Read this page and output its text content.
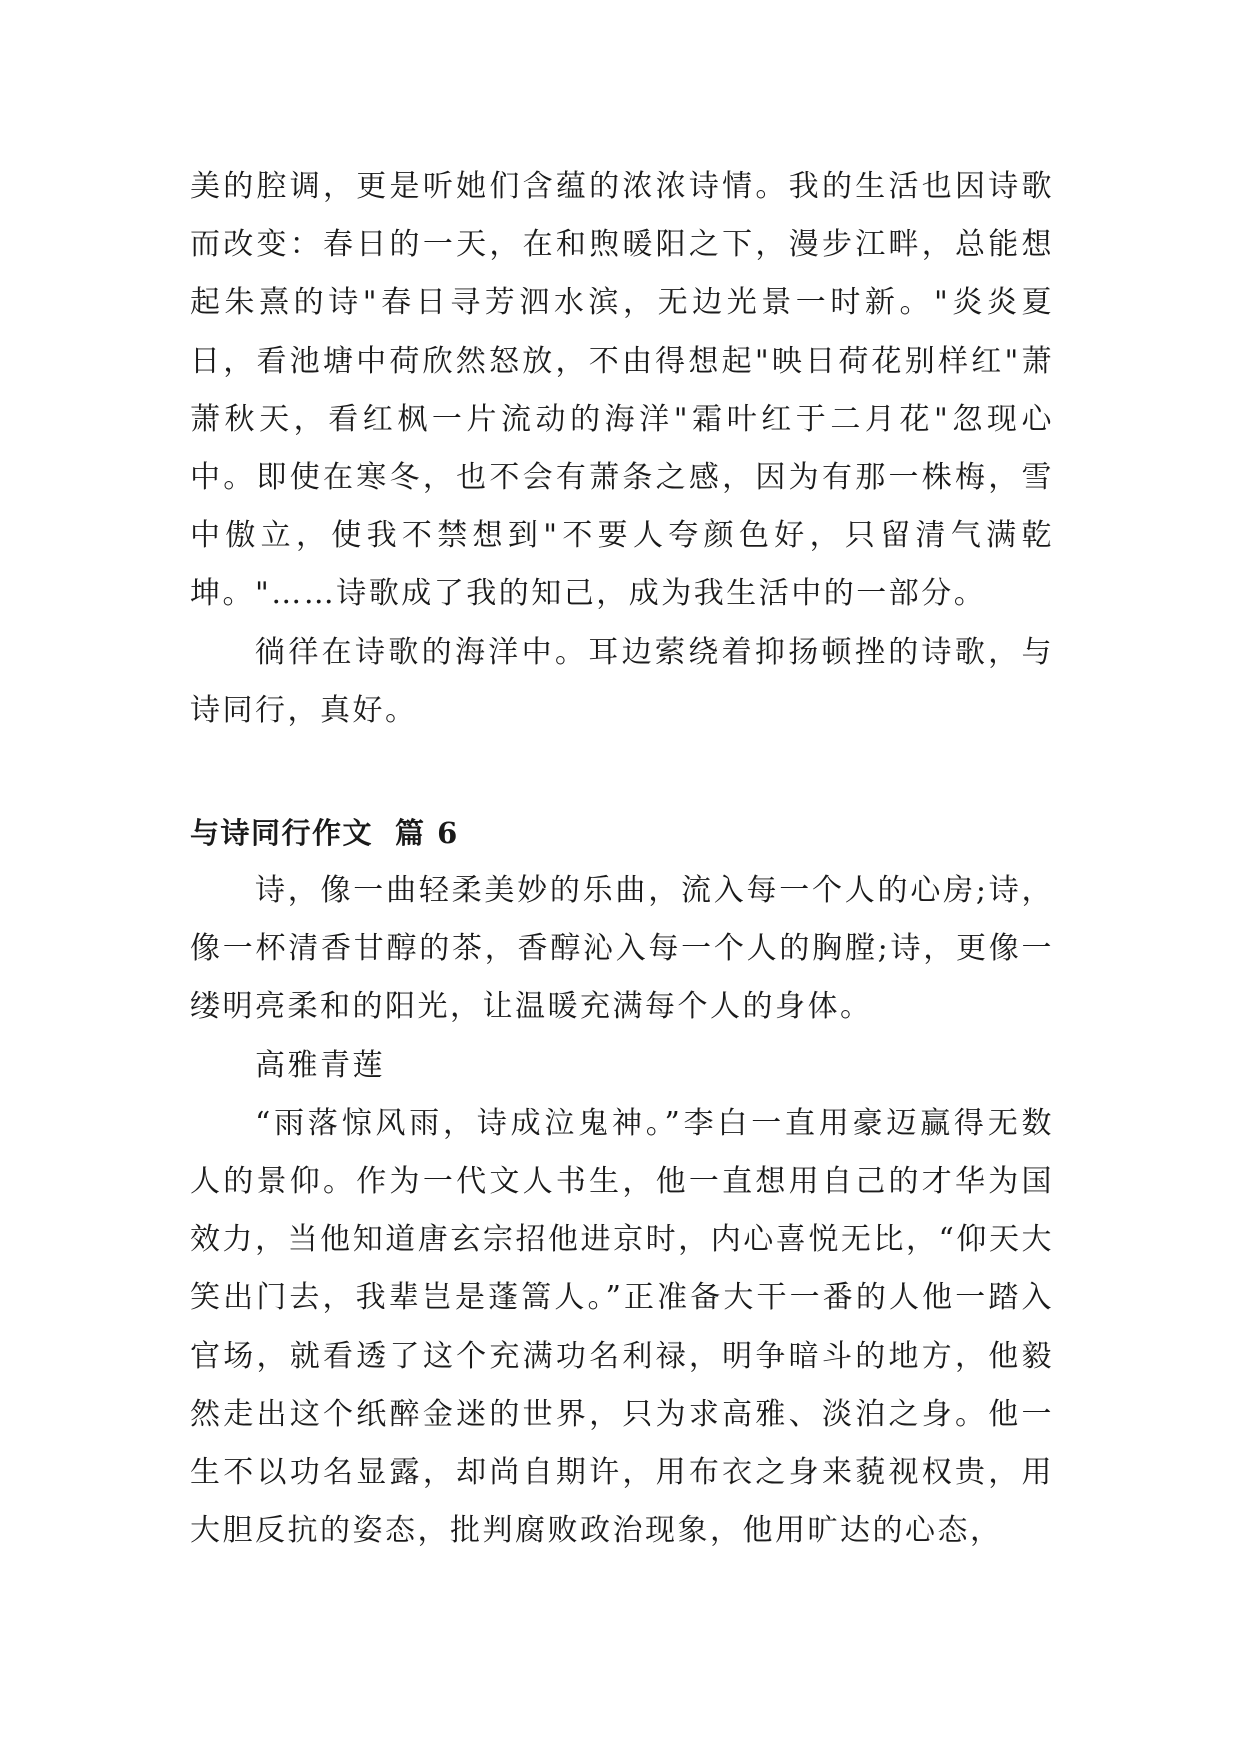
美的腔调，更是听她们含蕴的浓浓诗情。我的生活也因诗歌而改变：春日的一天，在和煦暖阳之下，漫步江畔，总能想起朱熹的诗"春日寻芳泗水滨，无边光景一时新。"炎炎夏日，看池塘中荷欣然怒放，不由得想起"映日荷花别样红"萧萧秋天，看红枫一片流动的海洋"霜叶红于二月花"忽现心中。即使在寒冬，也不会有萧条之感，因为有那一株梅，雪中傲立，使我不禁想到"不要人夸颜色好，只留清气满乾坤。"……诗歌成了我的知己，成为我生活中的一部分。

徜徉在诗歌的海洋中。耳边萦绕着抑扬顿挫的诗歌，与诗同行，真好。

与诗同行作文 篇 6

诗，像一曲轻柔美妙的乐曲，流入每一个人的心房;诗，像一杯清香甘醇的茶，香醇沁入每一个人的胸膛;诗，更像一缕明亮柔和的阳光，让温暖充满每个人的身体。

高雅青莲

“雨落惊风雨，诗成泣鬼神。”李白一直用豪迈赢得无数人的景仰。作为一代文人书生，他一直想用自己的才华为国效力，当他知道唐玄宗招他进京时，内心喜悦无比，“仰天大笑出门去，我辈岂是蓬篙人。”正准备大干一番的人他一踏入官场，就看透了这个充满功名利禄，明争暗斗的地方，他毅然走出这个纸醉金迷的世界，只为求高雅、淡泊之身。他一生不以功名显露，却尚自期许，用布衣之身来藐视权贵，用大胆反抗的姿态，批判腐败政治现象，他用旷达的心态，
